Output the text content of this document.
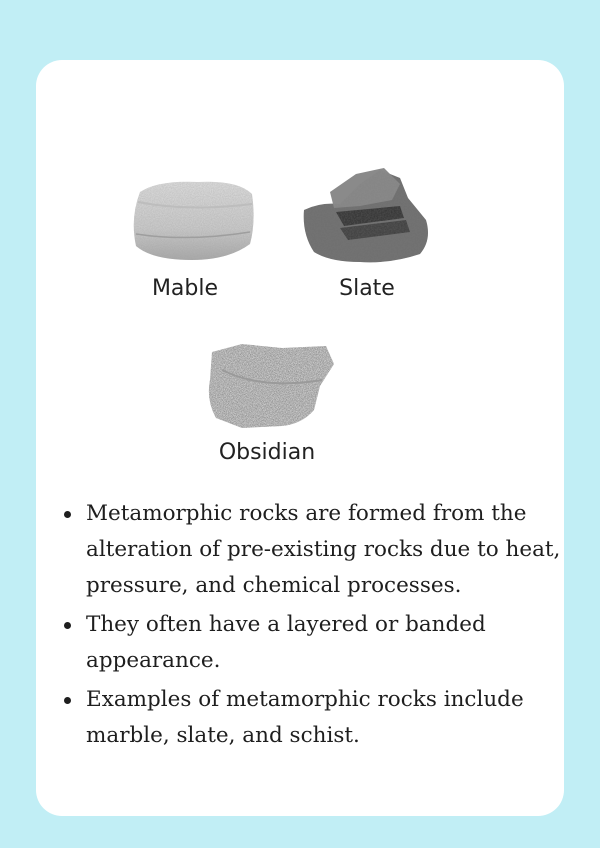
Mable	Slate
Obsidian
Metamorphic rocks are formed from the alteration of pre-existing rocks due to heat, pressure, and chemical processes.
They often have a layered or banded appearance.
Examples of metamorphic rocks include marble, slate, and schist.
